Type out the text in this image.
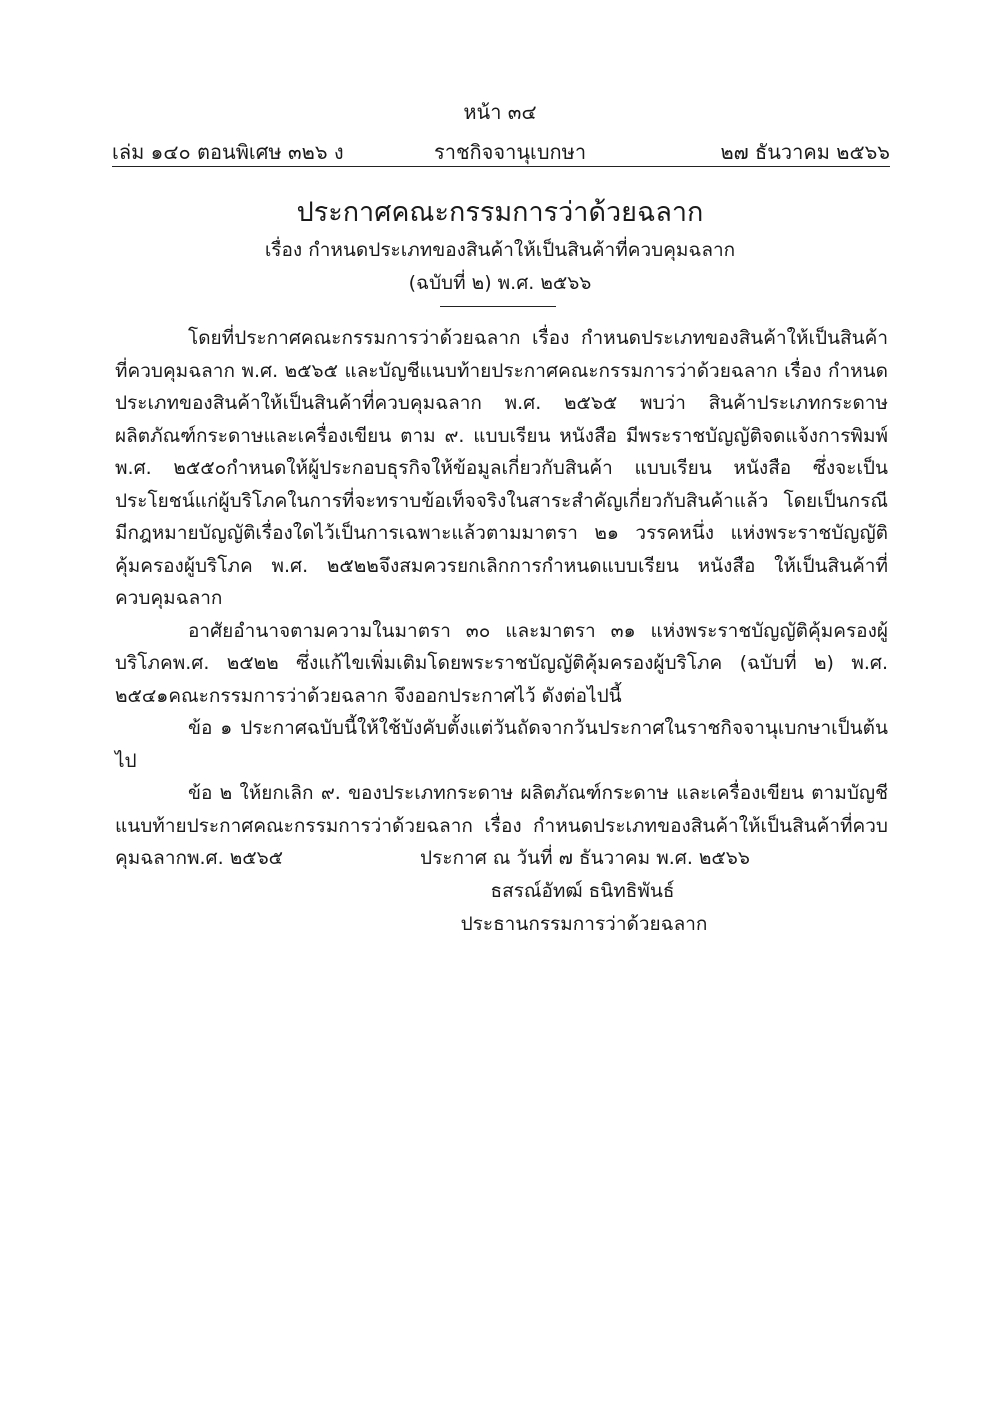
หน้า ๓๔
เล่ม ๑๔๐ ตอนพิเศษ ๓๒๖ ง	ราชกิจจานุเบกษา	๒๗ ธันวาคม ๒๕๖๖
ประกาศคณะกรรมการว่าด้วยฉลาก
เรื่อง กำหนดประเภทของสินค้าให้เป็นสินค้าที่ควบคุมฉลาก
(ฉบับที่ ๒) พ.ศ. ๒๕๖๖

โดยที่ประกาศคณะกรรมการว่าด้วยฉลาก เรื่อง กำหนดประเภทของสินค้าให้เป็นสินค้าที่ควบคุมฉลาก พ.ศ. ๒๕๖๕ และบัญชีแนบท้ายประกาศคณะกรรมการว่าด้วยฉลาก เรื่อง กำหนดประเภทของสินค้าให้เป็นสินค้าที่ควบคุมฉลาก พ.ศ. ๒๕๖๕ พบว่า สินค้าประเภทกระดาษ ผลิตภัณฑ์กระดาษและเครื่องเขียน ตาม ๙. แบบเรียน หนังสือ มีพระราชบัญญัติจดแจ้งการพิมพ์ พ.ศ. ๒๕๕๐กำหนดให้ผู้ประกอบธุรกิจให้ข้อมูลเกี่ยวกับสินค้า แบบเรียน หนังสือ ซึ่งจะเป็นประโยชน์แก่ผู้บริโภคในการที่จะทราบข้อเท็จจริงในสาระสำคัญเกี่ยวกับสินค้าแล้ว โดยเป็นกรณีมีกฎหมายบัญญัติเรื่องใดไว้เป็นการเฉพาะแล้วตามมาตรา ๒๑ วรรคหนึ่ง แห่งพระราชบัญญัติคุ้มครองผู้บริโภค พ.ศ. ๒๕๒๒จึงสมควรยกเลิกการกำหนดแบบเรียน หนังสือ ให้เป็นสินค้าที่ควบคุมฉลาก

อาศัยอำนาจตามความในมาตรา ๓๐ และมาตรา ๓๑ แห่งพระราชบัญญัติคุ้มครองผู้บริโภคพ.ศ. ๒๕๒๒ ซึ่งแก้ไขเพิ่มเติมโดยพระราชบัญญัติคุ้มครองผู้บริโภค (ฉบับที่ ๒) พ.ศ. ๒๕๔๑คณะกรรมการว่าด้วยฉลาก จึงออกประกาศไว้ ดังต่อไปนี้

ข้อ ๑ ประกาศฉบับนี้ให้ใช้บังคับตั้งแต่วันถัดจากวันประกาศในราชกิจจานุเบกษาเป็นต้นไป

ข้อ ๒ ให้ยกเลิก ๙. ของประเภทกระดาษ ผลิตภัณฑ์กระดาษ และเครื่องเขียน ตามบัญชีแนบท้ายประกาศคณะกรรมการว่าด้วยฉลาก เรื่อง กำหนดประเภทของสินค้าให้เป็นสินค้าที่ควบคุมฉลากพ.ศ. ๒๕๖๕	ประกาศ ณ วันที่ ๗ ธันวาคม พ.ศ. ๒๕๖๖
ธสรณ์อัทฒ์ ธนิทธิพันธ์
ประธานกรรมการว่าด้วยฉลาก
